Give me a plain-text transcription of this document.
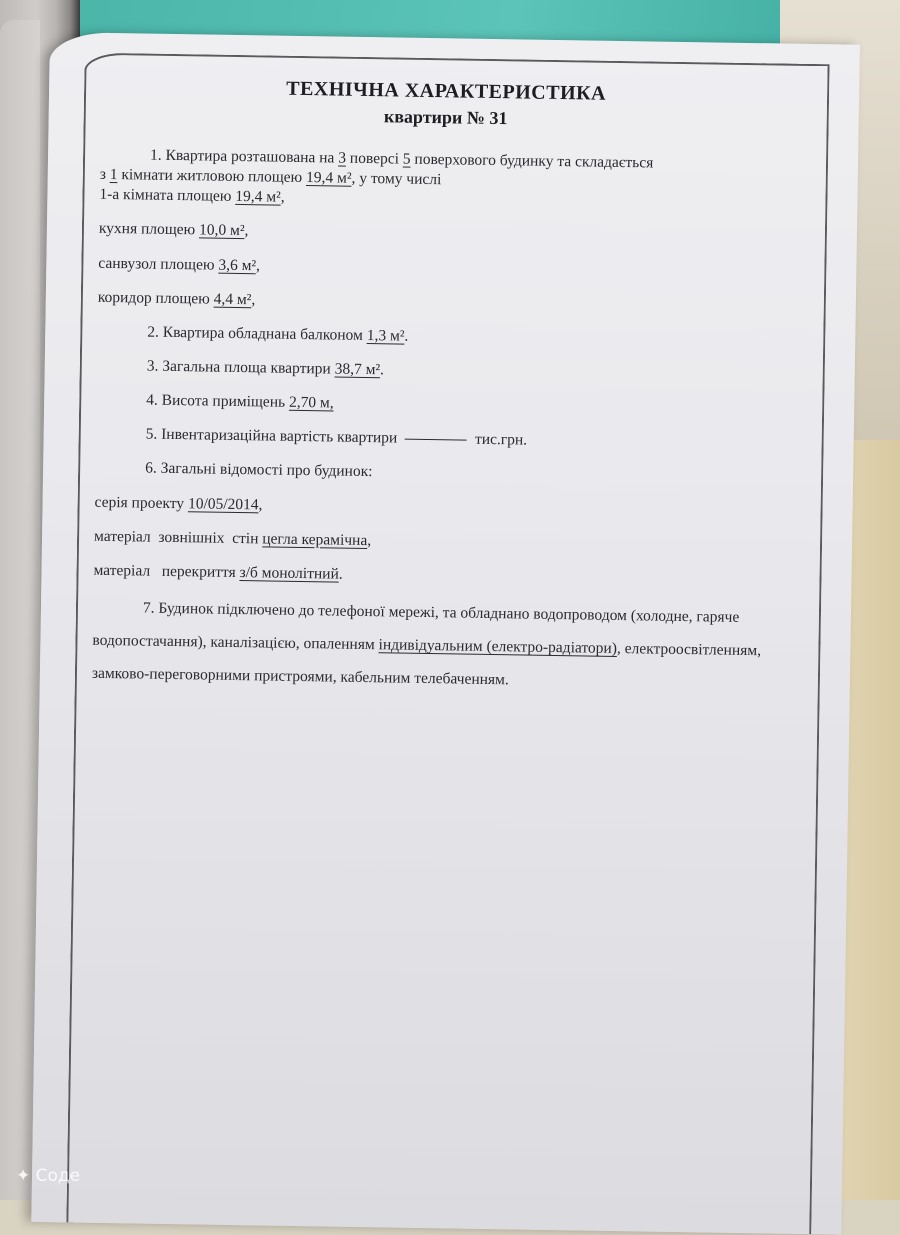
ТЕХНІЧНА ХАРАКТЕРИСТИКА
квартири № 31
1. Квартира розташована на 3 поверсі 5 поверхового будинку та складається
з 1 кімнати житловою площею 19,4 м², у тому числі
1-а кімната площею 19,4 м²,
кухня площею 10,0 м²,
санвузол площею 3,6 м²,
коридор площею 4,4 м²,
2. Квартира обладнана балконом 1,3 м².
3. Загальна площа квартири 38,7 м².
4. Висота приміщень 2,70 м,
5. Інвентаризаційна вартість квартири	тис.грн.
6. Загальні відомості про будинок:
серія проекту 10/05/2014,
матеріал  зовнішніх  стін цегла керамічна,
матеріал   перекриття з/б монолітний.
7. Будинок підключено до телефоної мережі, та обладнано водопроводом (холодне, гаряче водопостачання), каналізацією, опаленням індивідуальним (електро-радіатори), електроосвітленням, замково-переговорними пристроями, кабельним телебаченням.
✦ Соде
